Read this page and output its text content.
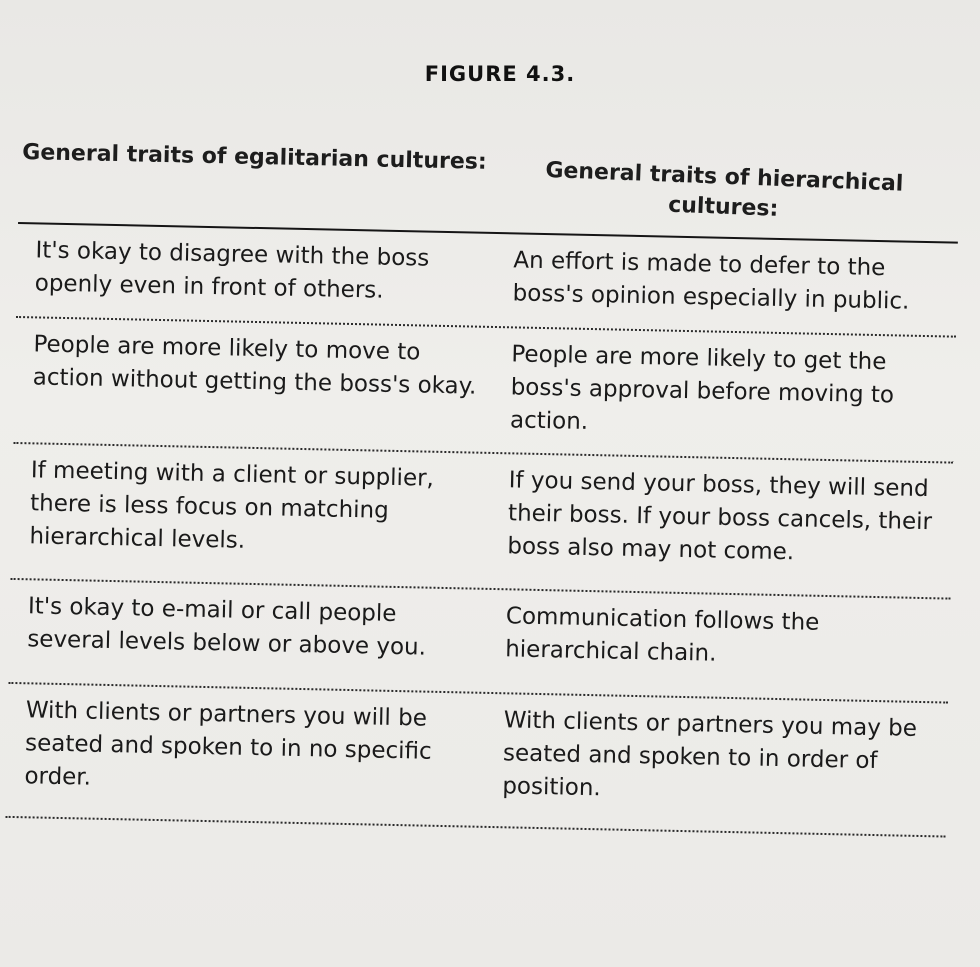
FIGURE 4.3.
General traits of egalitarian cultures:
General traits of hierarchical cultures:
It's okay to disagree with the boss openly even in front of others.
An effort is made to defer to the boss's opinion especially in public.
People are more likely to move to action without getting the boss's okay.
People are more likely to get the boss's approval before moving to action.
If meeting with a client or supplier, there is less focus on matching hierarchical levels.
If you send your boss, they will send their boss. If your boss cancels, their boss also may not come.
It's okay to e-mail or call people several levels below or above you.
Communication follows the hierarchical chain.
With clients or partners you will be seated and spoken to in no specific order.
With clients or partners you may be seated and spoken to in order of position.
